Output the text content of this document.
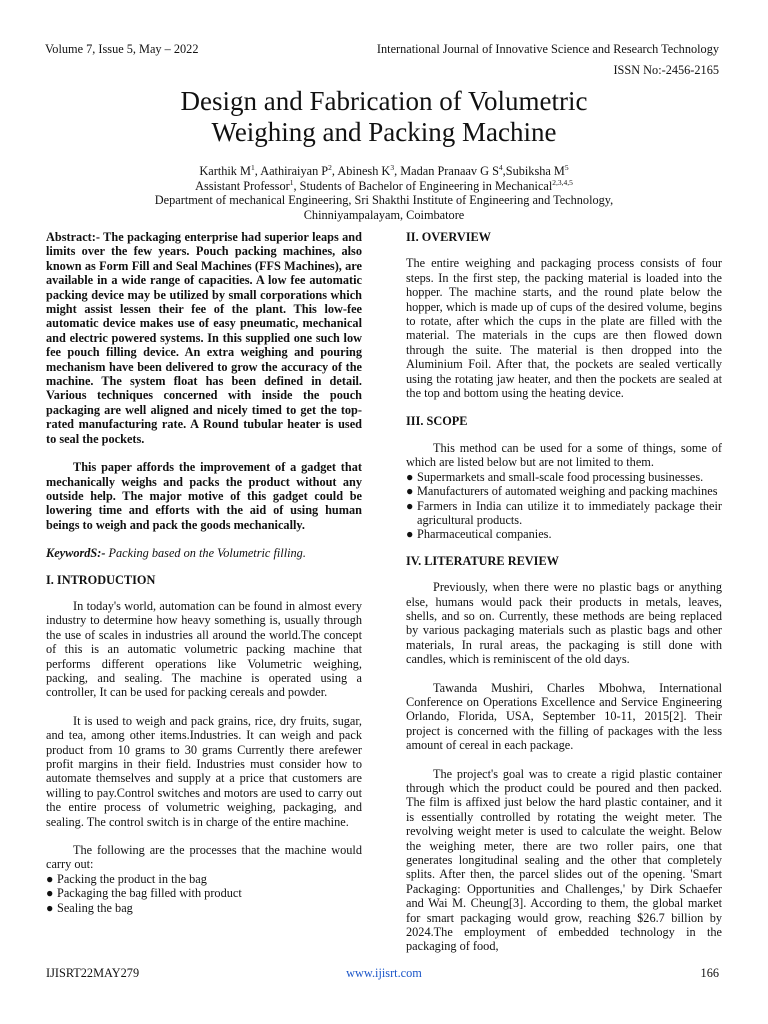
Volume 7, Issue 5, May – 2022	International Journal of Innovative Science and Research Technology
ISSN No:-2456-2165
Design and Fabrication of Volumetric
Weighing and Packing Machine
Karthik $M^1$, Aathiraiyan $P^2$, Abinesh $K^3$, Madan Pranaav G $S^4,Subiksha$ $M^5$
Assistant Professor$^1$, Students of Bachelor of Engineering in Mechanical$^{2,3,4,5}$
Department of mechanical Engineering, Sri Shakthi Institute of Engineering and Technology,
Chinniyampalayam, Coimbatore

Abstract:- The packaging enterprise had superior leaps and limits over the few years. Pouch packing machines, also known as Form Fill and Seal Machines (FFS Machines), are available in a wide range of capacities. A low fee automatic packing device may be utilized by small corporations which might assist lessen their fee of the plant. This low-fee automatic device makes use of easy pneumatic, mechanical and electric powered systems. In this supplied one such low fee pouch filling device. An extra weighing and pouring mechanism have been delivered to grow the accuracy of the machine. The system float has been defined in detail. Various techniques concerned with inside the pouch packaging are well aligned and nicely timed to get the top-rated manufacturing rate. A Round tubular heater is used to seal the pockets.

This paper affords the improvement of a gadget that mechanically weighs and packs the product without any outside help. The major motive of this gadget could be lowering time and efforts with the aid of using human beings to weigh and pack the goods mechanically.

KeywordS:- Packing based on the Volumetric filling.

I. INTRODUCTION

In today's world, automation can be found in almost every industry to determine how heavy something is, usually through the use of scales in industries all around the world.The concept of this is an automatic volumetric packing machine that performs different operations like Volumetric weighing, packing, and sealing. The machine is operated using a controller, It can be used for packing cereals and powder.

It is used to weigh and pack grains, rice, dry fruits, sugar, and tea, among other items.Industries. It can weigh and pack product from 10 grams to 30 grams Currently there arefewer profit margins in their field. Industries must consider how to automate themselves and supply at a price that customers are willing to pay.Control switches and motors are used to carry out the entire process of volumetric weighing, packaging, and sealing. The control switch is in charge of the entire machine.

The following are the processes that the machine would carry out:

● Packing the product in the bag
● Packaging the bag filled with product
● Sealing the bag

II. OVERVIEW

The entire weighing and packaging process consists of four steps. In the first step, the packing material is loaded into the hopper. The machine starts, and the round plate below the hopper, which is made up of cups of the desired volume, begins to rotate, after which the cups in the plate are filled with the material. The materials in the cups are then flowed down through the suite. The material is then dropped into the Aluminium Foil. After that, the pockets are sealed vertically using the rotating jaw heater, and then the pockets are sealed at the top and bottom using the heating device.

III. SCOPE

This method can be used for a some of things, some of which are listed below but are not limited to them.

● Supermarkets and small-scale food processing businesses.
● Manufacturers of automated weighing and packing machines
● Farmers in India can utilize it to immediately package their agricultural products.
● Pharmaceutical companies.

IV. LITERATURE REVIEW

Previously, when there were no plastic bags or anything else, humans would pack their products in metals, leaves, shells, and so on. Currently, these methods are being replaced by various packaging materials such as plastic bags and other materials, In rural areas, the packaging is still done with candles, which is reminiscent of the old days.

Tawanda Mushiri, Charles Mbohwa, International Conference on Operations Excellence and Service Engineering Orlando, Florida, USA, September 10-11, 2015[2]. Their project is concerned with the filling of packages with the less amount of cereal in each package.

The project's goal was to create a rigid plastic container through which the product could be poured and then packed. The film is affixed just below the hard plastic container, and it is essentially controlled by rotating the weight meter. The revolving weight meter is used to calculate the weight. Below the weighing meter, there are two roller pairs, one that generates longitudinal sealing and the other that completely splits. After then, the parcel slides out of the opening. 'Smart Packaging: Opportunities and Challenges,' by Dirk Schaefer and Wai M. Cheung[3]. According to them, the global market for smart packaging would grow, reaching $26.7 billion by 2024.The employment of embedded technology in the packaging of food,

IJISRT22MAY279	www.ijisrt.com	166
